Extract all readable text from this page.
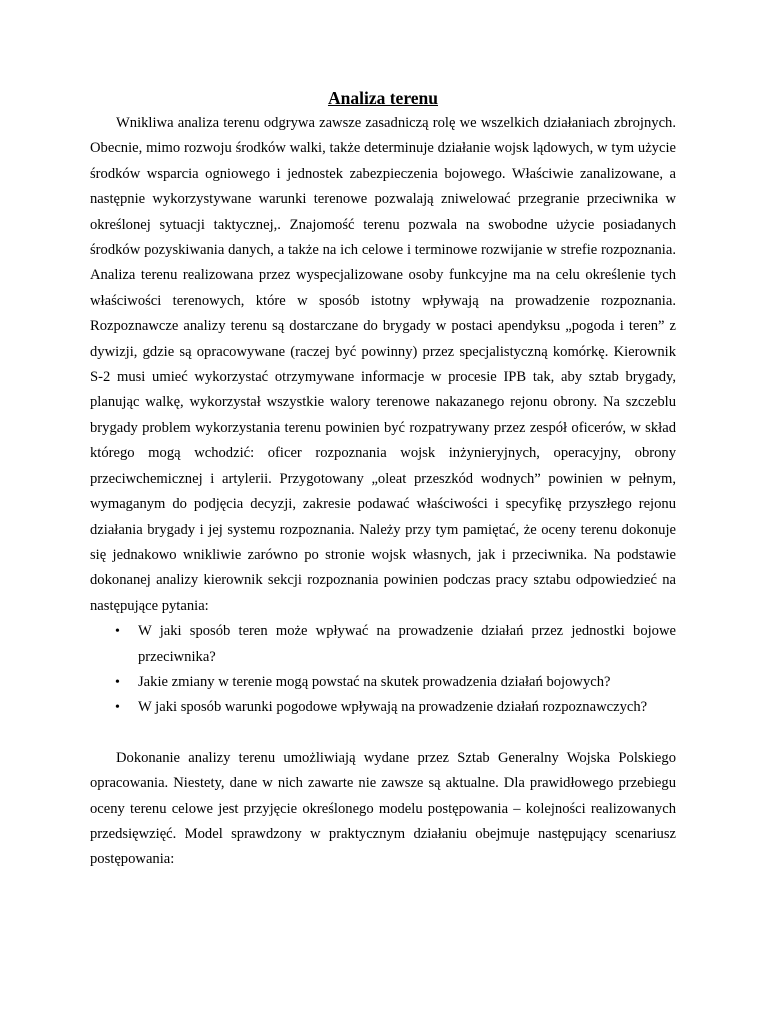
Analiza terenu

Wnikliwa analiza terenu odgrywa zawsze zasadniczą rolę we wszelkich działaniach zbrojnych. Obecnie, mimo rozwoju środków walki, także determinuje działanie wojsk lądowych, w tym użycie środków wsparcia ogniowego i jednostek zabezpieczenia bojowego. Właściwie zanalizowane, a następnie wykorzystywane warunki terenowe pozwalają zniwelować przegranie przeciwnika w określonej sytuacji taktycznej,. Znajomość terenu pozwala na swobodne użycie posiadanych środków pozyskiwania danych, a także na ich celowe i terminowe rozwijanie w strefie rozpoznania. Analiza terenu realizowana przez wyspecjalizowane osoby funkcyjne ma na celu określenie tych właściwości terenowych, które w sposób istotny wpływają na prowadzenie rozpoznania. Rozpoznawcze analizy terenu są dostarczane do brygady w postaci apendyksu „pogoda i teren” z dywizji, gdzie są opracowywane (raczej być powinny) przez specjalistyczną komórkę. Kierownik S-2 musi umieć wykorzystać otrzymywane informacje w procesie IPB tak, aby sztab brygady, planując walkę, wykorzystał wszystkie walory terenowe nakazanego rejonu obrony. Na szczeblu brygady problem wykorzystania terenu powinien być rozpatrywany przez zespół oficerów, w skład którego mogą wchodzić: oficer rozpoznania wojsk inżynieryjnych, operacyjny, obrony przeciwchemicznej i artylerii. Przygotowany „oleat przeszkód wodnych” powinien w pełnym, wymaganym do podjęcia decyzji, zakresie podawać właściwości i specyfikę przyszłego rejonu działania brygady i jej systemu rozpoznania. Należy przy tym pamiętać, że oceny terenu dokonuje się jednakowo wnikliwie zarówno po stronie wojsk własnych, jak i przeciwnika. Na podstawie dokonanej analizy kierownik sekcji rozpoznania powinien podczas pracy sztabu odpowiedzieć na następujące pytania:

• W jaki sposób teren może wpływać na prowadzenie działań przez jednostki bojowe przeciwnika?
• Jakie zmiany w terenie mogą powstać na skutek prowadzenia działań bojowych?
• W jaki sposób warunki pogodowe wpływają na prowadzenie działań rozpoznawczych?

Dokonanie analizy terenu umożliwiają wydane przez Sztab Generalny Wojska Polskiego opracowania. Niestety, dane w nich zawarte nie zawsze są aktualne. Dla prawidłowego przebiegu oceny terenu celowe jest przyjęcie określonego modelu postępowania – kolejności realizowanych przedsięwzięć. Model sprawdzony w praktycznym działaniu obejmuje następujący scenariusz postępowania:
